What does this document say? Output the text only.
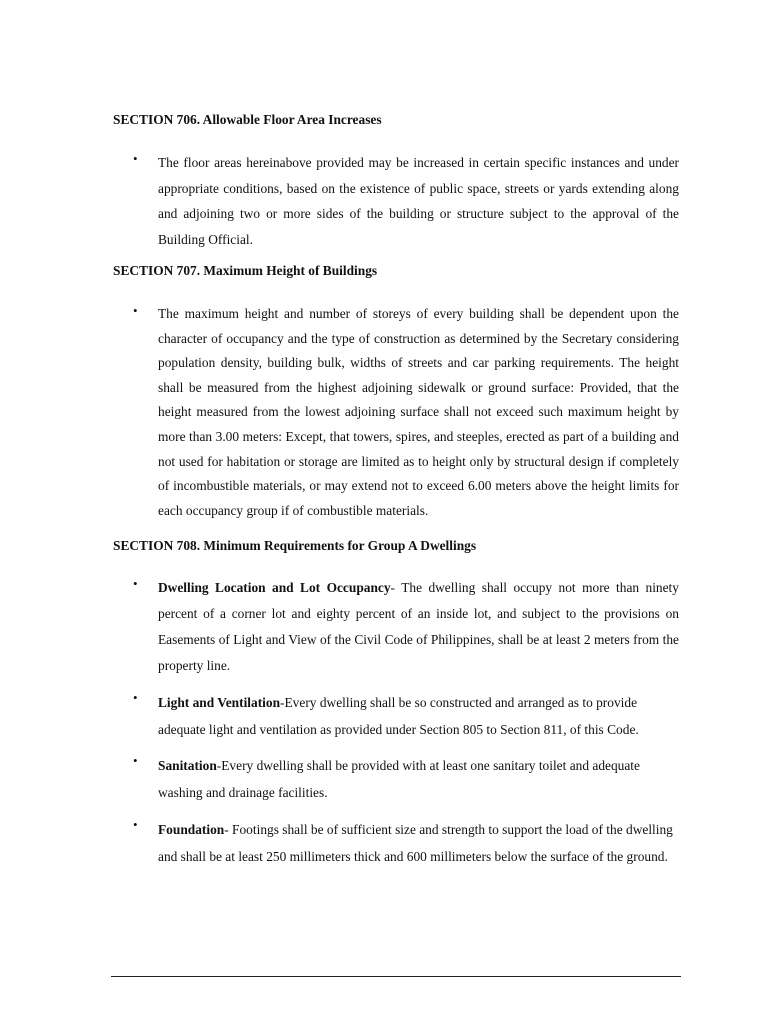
SECTION 706. Allowable Floor Area Increases
• The floor areas hereinabove provided may be increased in certain specific instances and under appropriate conditions, based on the existence of public space, streets or yards extending along and adjoining two or more sides of the building or structure subject to the approval of the Building Official.

SECTION 707. Maximum Height of Buildings
• The maximum height and number of storeys of every building shall be dependent upon the character of occupancy and the type of construction as determined by the Secretary considering population density, building bulk, widths of streets and car parking requirements. The height shall be measured from the highest adjoining sidewalk or ground surface: Provided, that the height measured from the lowest adjoining surface shall not exceed such maximum height by more than 3.00 meters: Except, that towers, spires, and steeples, erected as part of a building and not used for habitation or storage are limited as to height only by structural design if completely of incombustible materials, or may extend not to exceed 6.00 meters above the height limits for each occupancy group if of combustible materials.

SECTION 708. Minimum Requirements for Group A Dwellings
• Dwelling Location and Lot Occupancy- The dwelling shall occupy not more than ninety percent of a corner lot and eighty percent of an inside lot, and subject to the provisions on Easements of Light and View of the Civil Code of Philippines, shall be at least 2 meters from the property line.

• Light and Ventilation-Every dwelling shall be so constructed and arranged as to provide adequate light and ventilation as provided under Section 805 to Section 811, of this Code.

• Sanitation-Every dwelling shall be provided with at least one sanitary toilet and adequate washing and drainage facilities.

• Foundation- Footings shall be of sufficient size and strength to support the load of the dwelling and shall be at least 250 millimeters thick and 600 millimeters below the surface of the ground.
